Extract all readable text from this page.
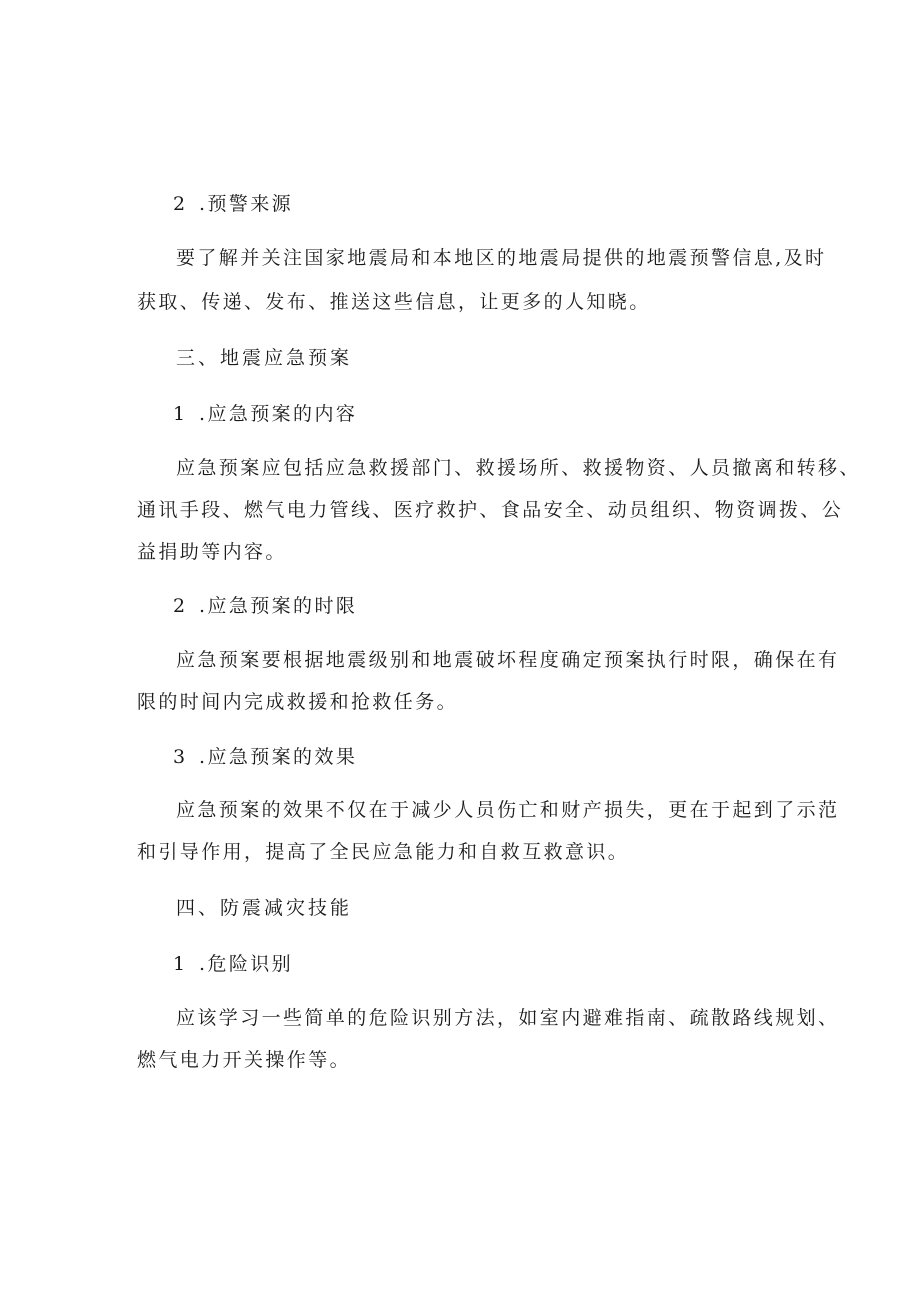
2 .预警来源
要了解并关注国家地震局和本地区的地震局提供的地震预警信息,及时
获取、传递、发布、推送这些信息，让更多的人知晓。
三、地震应急预案
1 .应急预案的内容
应急预案应包括应急救援部门、救援场所、救援物资、人员撤离和转移、
通讯手段、燃气电力管线、医疗救护、食品安全、动员组织、物资调拨、公
益捐助等内容。
2 .应急预案的时限
应急预案要根据地震级别和地震破坏程度确定预案执行时限，确保在有
限的时间内完成救援和抢救任务。
3 .应急预案的效果
应急预案的效果不仅在于减少人员伤亡和财产损失，更在于起到了示范
和引导作用，提高了全民应急能力和自救互救意识。
四、防震减灾技能
1 .危险识别
应该学习一些简单的危险识别方法，如室内避难指南、疏散路线规划、
燃气电力开关操作等。
